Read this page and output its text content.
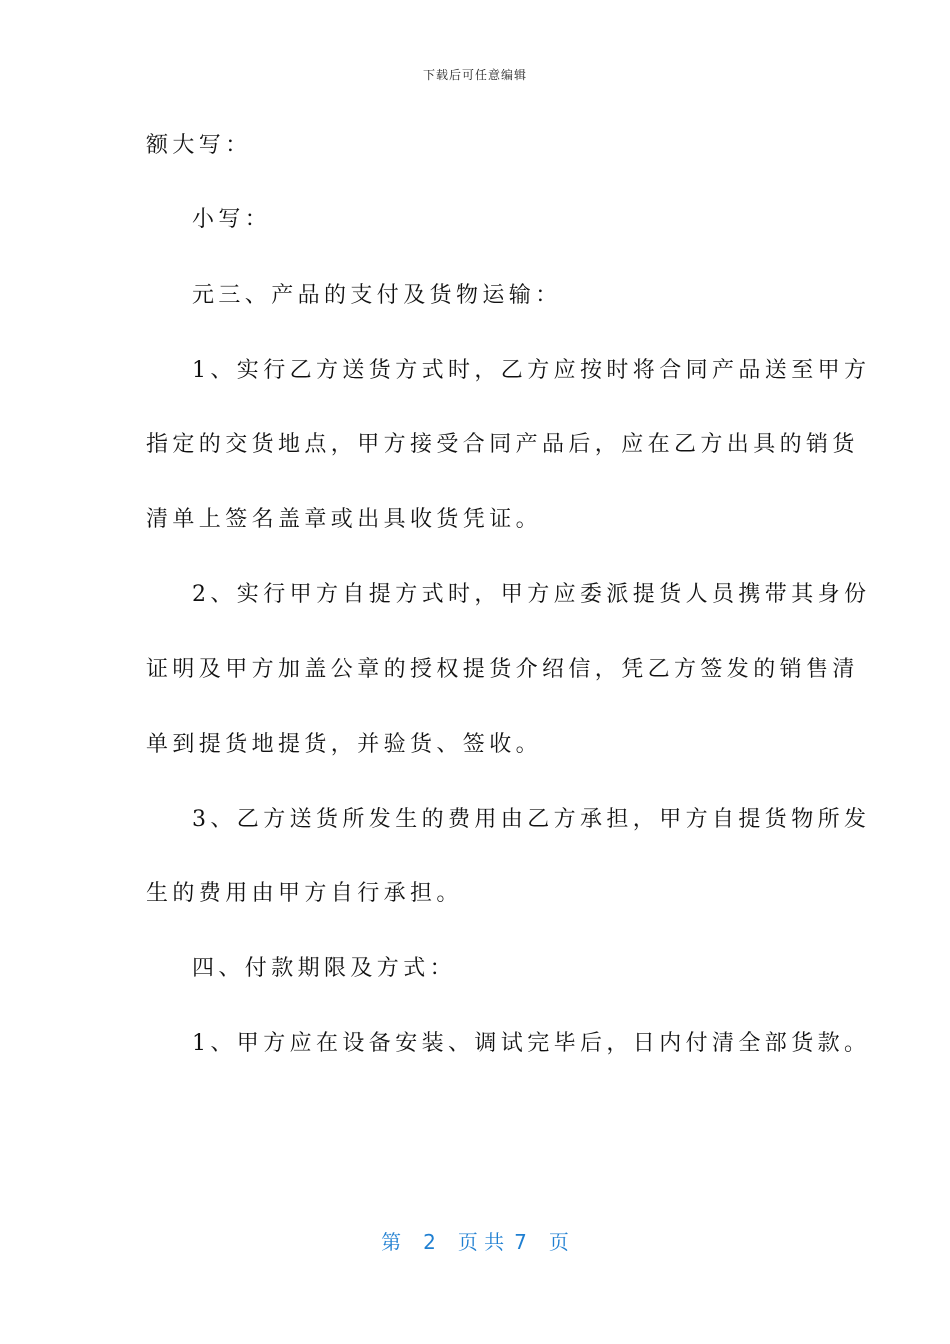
下载后可任意编辑
额大写：
小写：
元三、产品的支付及货物运输：
1、实行乙方送货方式时，乙方应按时将合同产品送至甲方
指定的交货地点，甲方接受合同产品后，应在乙方出具的销货
清单上签名盖章或出具收货凭证。
2、实行甲方自提方式时，甲方应委派提货人员携带其身份
证明及甲方加盖公章的授权提货介绍信，凭乙方签发的销售清
单到提货地提货，并验货、签收。
3、乙方送货所发生的费用由乙方承担，甲方自提货物所发
生的费用由甲方自行承担。
四、付款期限及方式：
1、甲方应在设备安装、调试完毕后，日内付清全部货款。
第 2 页 共 7 页
